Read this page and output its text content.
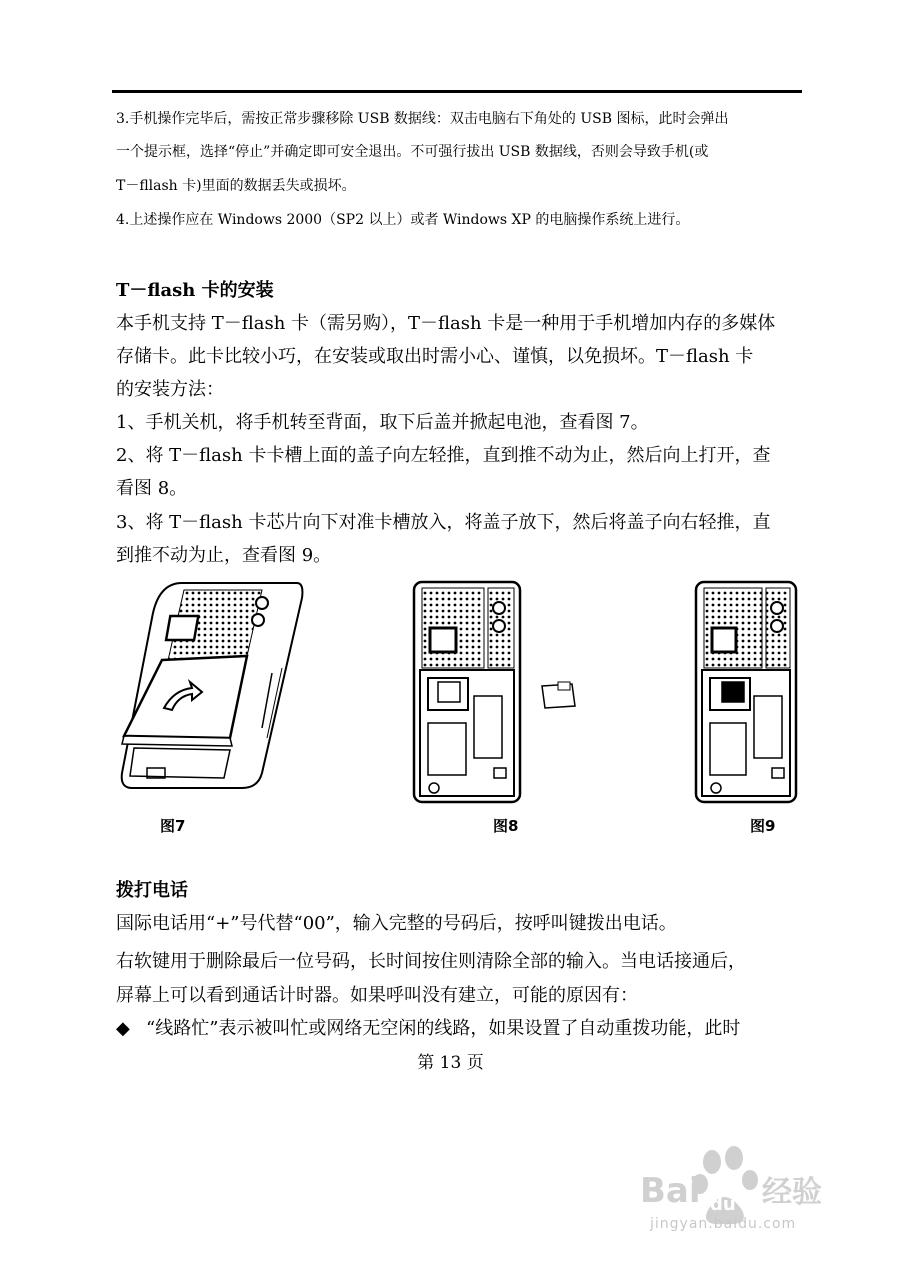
3.手机操作完毕后，需按正常步骤移除 USB 数据线：双击电脑右下角处的 USB 图标，此时会弹出
一个提示框，选择“停止”并确定即可安全退出。不可强行拔出 USB 数据线，否则会导致手机(或
T－fllash 卡)里面的数据丢失或损坏。
4.上述操作应在 Windows 2000（SP2 以上）或者 Windows XP 的电脑操作系统上进行。
T－flash 卡的安装
本手机支持 T－flash 卡（需另购），T－flash 卡是一种用于手机增加内存的多媒体
存储卡。此卡比较小巧，在安装或取出时需小心、谨慎，以免损坏。T－flash 卡
的安装方法：
1、手机关机，将手机转至背面，取下后盖并掀起电池，查看图 7。
2、将 T－flash 卡卡槽上面的盖子向左轻推，直到推不动为止，然后向上打开，查
看图 8。
3、将 T－flash 卡芯片向下对准卡槽放入，将盖子放下，然后将盖子向右轻推，直
到推不动为止，查看图 9。
图7	图8	图9
拨打电话
国际电话用“+”号代替“00”，输入完整的号码后，按呼叫键拨出电话。
右软键用于删除最后一位号码，长时间按住则清除全部的输入。当电话接通后，
屏幕上可以看到通话计时器。如果呼叫没有建立，可能的原因有：
◆ “线路忙”表示被叫忙或网络无空闲的线路，如果设置了自动重拨功能，此时
第 13 页
Bai 经验
du
jingyan.baidu.com
